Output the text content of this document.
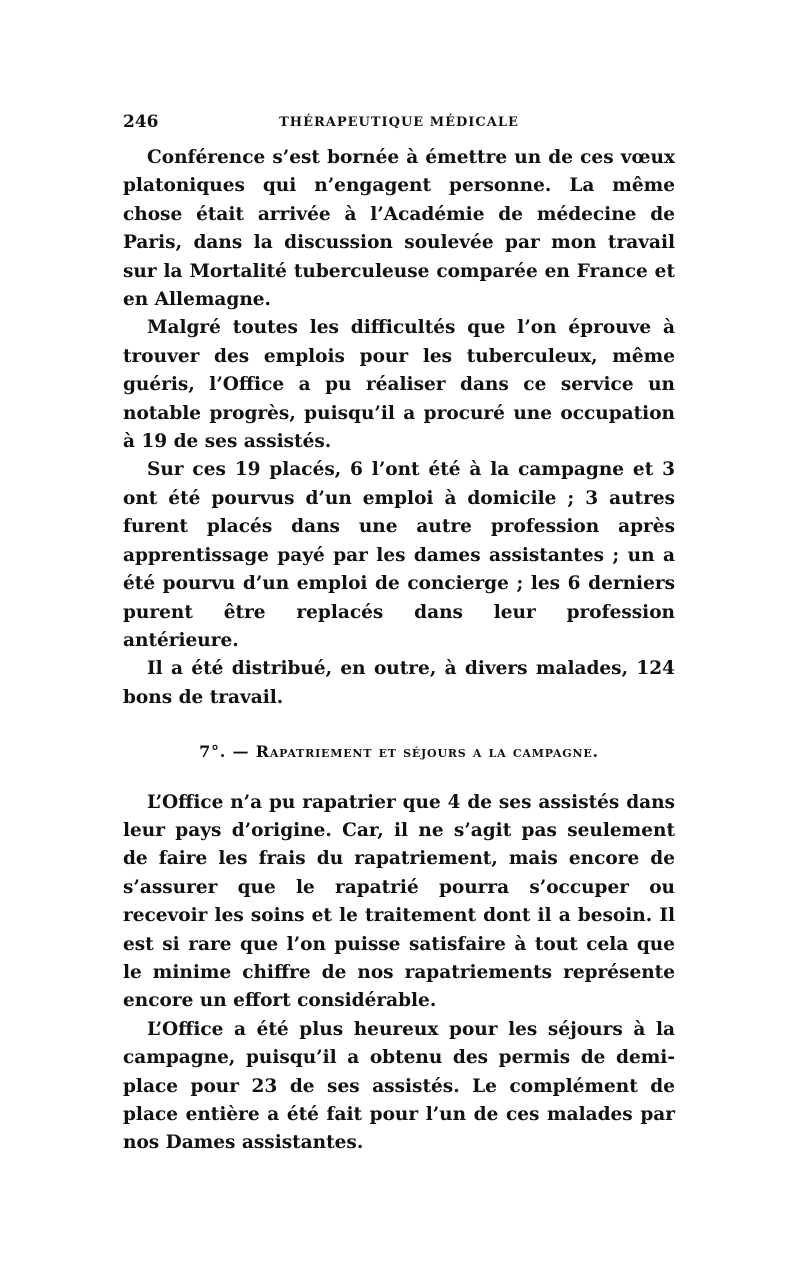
246	THÉRAPEUTIQUE MÉDICALE

Conférence s’est bornée à émettre un de ces vœux platoniques qui n’engagent personne. La même chose était arrivée à l’Académie de médecine de Paris, dans la discussion soulevée par mon travail sur la Mortalité tuberculeuse comparée en France et en Allemagne.

Malgré toutes les difficultés que l’on éprouve à trouver des emplois pour les tuberculeux, même guéris, l’Office a pu réaliser dans ce service un notable progrès, puisqu’il a procuré une occupation à 19 de ses assistés.

Sur ces 19 placés, 6 l’ont été à la campagne et 3 ont été pourvus d’un emploi à domicile ; 3 autres furent placés dans une autre profession après apprentissage payé par les dames assistantes ; un a été pourvu d’un emploi de concierge ; les 6 derniers purent être replacés dans leur profession antérieure.

Il a été distribué, en outre, à divers malades, 124 bons de travail.

7°. — Rapatriement et séjours a la campagne.

L’Office n’a pu rapatrier que 4 de ses assistés dans leur pays d’origine. Car, il ne s’agit pas seulement de faire les frais du rapatriement, mais encore de s’assurer que le rapatrié pourra s’occuper ou recevoir les soins et le traitement dont il a besoin. Il est si rare que l’on puisse satisfaire à tout cela que le minime chiffre de nos rapatriements représente encore un effort considérable.

L’Office a été plus heureux pour les séjours à la campagne, puisqu’il a obtenu des permis de demi-place pour 23 de ses assistés. Le complément de place entière a été fait pour l’un de ces malades par nos Dames assistantes.
